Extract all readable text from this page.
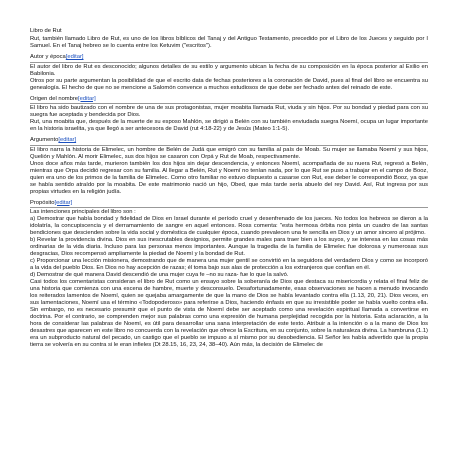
Libro de Rut

Rut, también llamado Libro de Rut, es uno de los libros bíblicos del Tanaj y del Antiguo Testamento, precedido por el Libro de los Jueces y seguido por I Samuel. En el Tanaj hebreo se lo cuenta entre los Ketuvim ("escritos").

Autor y época[editar]

El autor del libro de Rut es desconocido; algunos detalles de su estilo y argumento ubican la fecha de su composición en la época posterior al Exilio en Babilonia.

Otros por su parte argumentan la posibilidad de que el escrito data de fechas posteriores a la coronación de David, pues al final del libro se encuentra su genealogía. El hecho de que no se mencione a Salomón convence a muchos estudiosos de que debe ser fechado antes del reinado de este.

Origen del nombre[editar]

El libro ha sido bautizado con el nombre de una de sus protagonistas, mujer moabita llamada Rut, viuda y sin hijos. Por su bondad y piedad para con su suegra fue aceptada y bendecida por Dios.

Rut, una moabita que, después de la muerte de su esposo Mahlón, se dirigió a Belén con su también enviudada suegra Noemí, ocupa un lugar importante en la historia israelita, ya que llegó a ser antecesora de David (rut 4:18-22) y de Jesús (Mateo 1:1-5).

Argumento[editar]

El libro narra la historia de Elimelec, un hombre de Belén de Judá que emigró con su familia al país de Moab. Su mujer se llamaba Noemí y sus hijos, Quelión y Mahlón. Al morir Elimelec, sus dos hijos se casaron con Orpá y Rut de Moab, respectivamente.

Unos doce años más tarde, murieron también los dos hijos sin dejar descendencia, y entonces Noemí, acompañada de su nuera Rut, regresó a Belén, mientras que Orpa decidió regresar con su familia. Al llegar a Belén, Rut y Noemí no tenían nada, por lo que Rut se puso a trabajar en el campo de Booz, quien era uno de los primos de la familia de Elimelec. Como otro familiar no estuvo dispuesto a casarse con Rut, ese deber le correspondió Booz, ya que se había sentido atraído por la moabita. De este matrimonio nació un hijo, Obed, que más tarde sería abuelo del rey David. Así, Rut ingresa por sus propias virtudes en la religión judía.

Propósito[editar]

Las intenciones principales del libro son :

a) Demostrar que había bondad y fidelidad de Dios en Israel durante el período cruel y desenfrenado de los jueces. No todos los hebreos se dieron a la idolatría, la concupiscencia y el derramamiento de sangre en aquel entonces. Ross comenta: "esta hermosa órbita nos pinta un cuadro de las santas bendiciones que descienden sobre la vida social y doméstica de cualquier época, cuando prevalecen una fe sencilla en Dios y un amor sincero al prójimo.

b) Revelar la providencia divina. Dios en sus inescrutables designios, permite grandes males para traer bien a los suyos, y se interesa en las cosas más ordinarias de la vida diaria. Incluso para las personas menos importantes. Aunque la tragedia de la familia de Elimelec fue dolorosa y numerosas sus desgracias, Dios recompensó ampliamente la piedad de Noemí y la bondad de Rut.

c) Proporcionar una lección misionera, demostrando que de manera una mujer gentil se convirtió en la seguidora del verdadero Dios y como se incorporó a la vida del pueblo Dios. En Dios no hay acepción de razas; él toma bajo sus alas de protección a los extranjeros que confían en él.

d) Demostrar de qué manera David descendió de una mujer cuya fe –no su raza- fue lo que la salvó.

Casi todos los comentaristas consideran el libro de Rut como un ensayo sobre la soberanía de Dios que destaca su misericordia y relata el final feliz de una historia que comienza con una escena de hambre, muerte y desconsuelo. Desafortunadamente, esas observaciones se hacen a menudo invocando los reiterados lamentos de Noemí, quien se quejaba amargamente de que la mano de Dios se había levantado contra ella (1.13, 20, 21). Dios veces, en sus lamentaciones, Noemí usa el término «Todopoderoso» para referirse a Dios, haciendo énfasis en que su irresistible poder se había vuelto contra ella. Sin embargo, no es necesario presumir que el punto de vista de Noemí debe ser aceptado como una revelación espiritual llamada a convertirse en doctrina. Por el contrario, se comprenden mejor sus palabras como una expresión de humana perplejidad recogida por la historia. Esta aclaración, a la hora de considerar las palabras de Noemí, es útil para desarrollar una sana interpretación de este texto. Atribuir a la intención o a la mano de Dios los desastres que aparecen en este libro no concuerda con la revelación que ofrece la Escritura, en su conjunto, sobre la naturaleza divina. La hambruna (1.1) era un subproducto natural del pecado, un castigo que el pueblo se impuso a sí mismo por su desobediencia. El Señor les había advertido que la propia tierra se volvería en su contra si le eran infieles (Dt 28.15, 16, 23, 24, 38–40). Aún más, la decisión de Elimelec de
